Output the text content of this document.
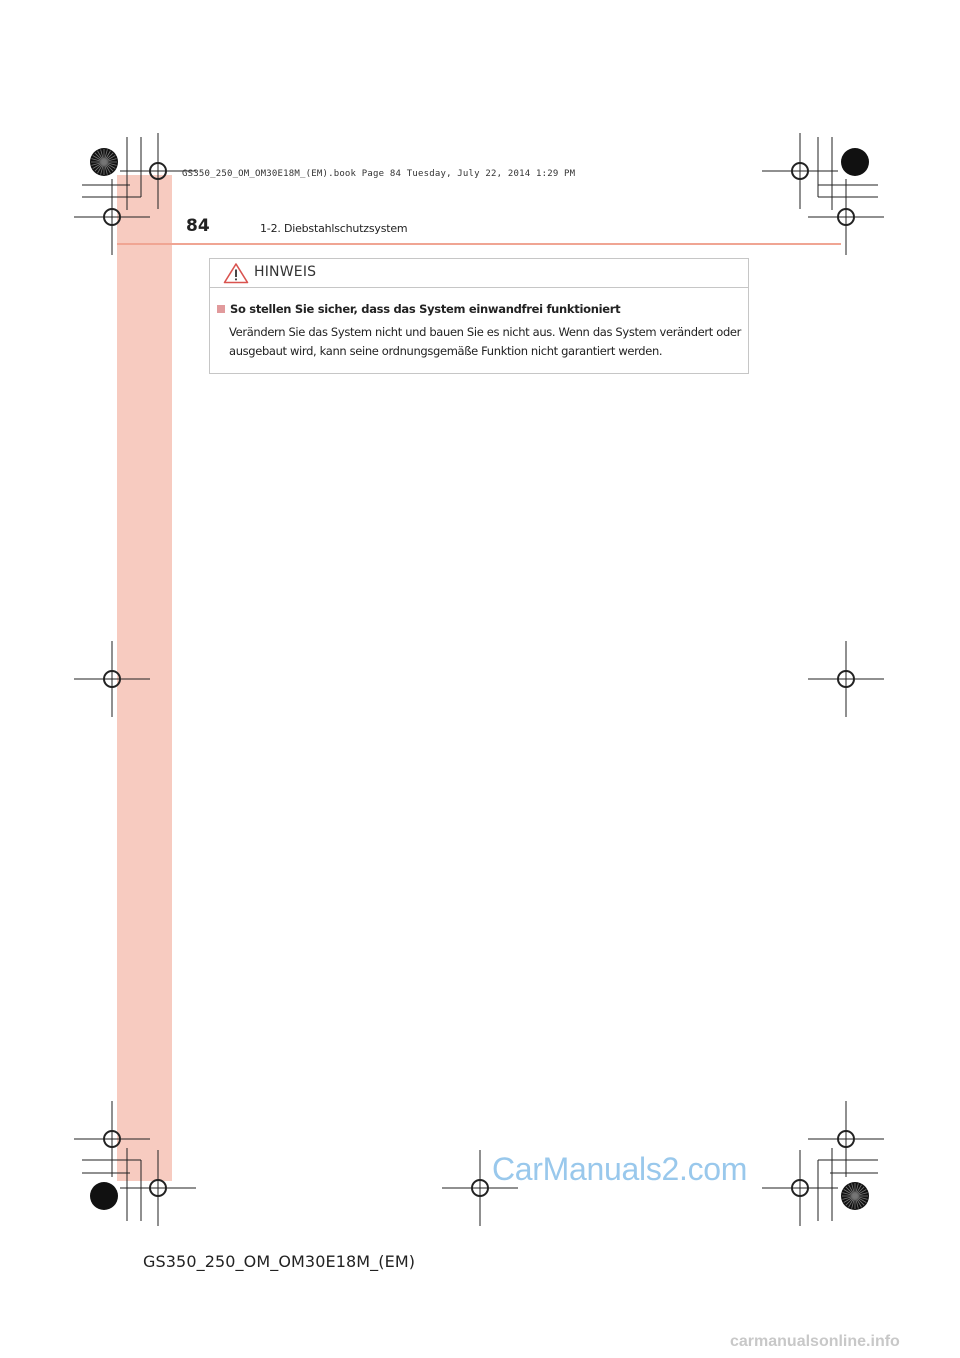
GS350_250_OM_OM30E18M_(EM).book Page 84 Tuesday, July 22, 2014 1:29 PM
84	1-2. Diebstahlschutzsystem
HINWEIS
So stellen Sie sicher, dass das System einwandfrei funktioniert
Verändern Sie das System nicht und bauen Sie es nicht aus. Wenn das System verändert oder ausgebaut wird, kann seine ordnungsgemäße Funktion nicht garantiert werden.
CarManuals2.com
GS350_250_OM_OM30E18M_(EM)
carmanualsonline.info
